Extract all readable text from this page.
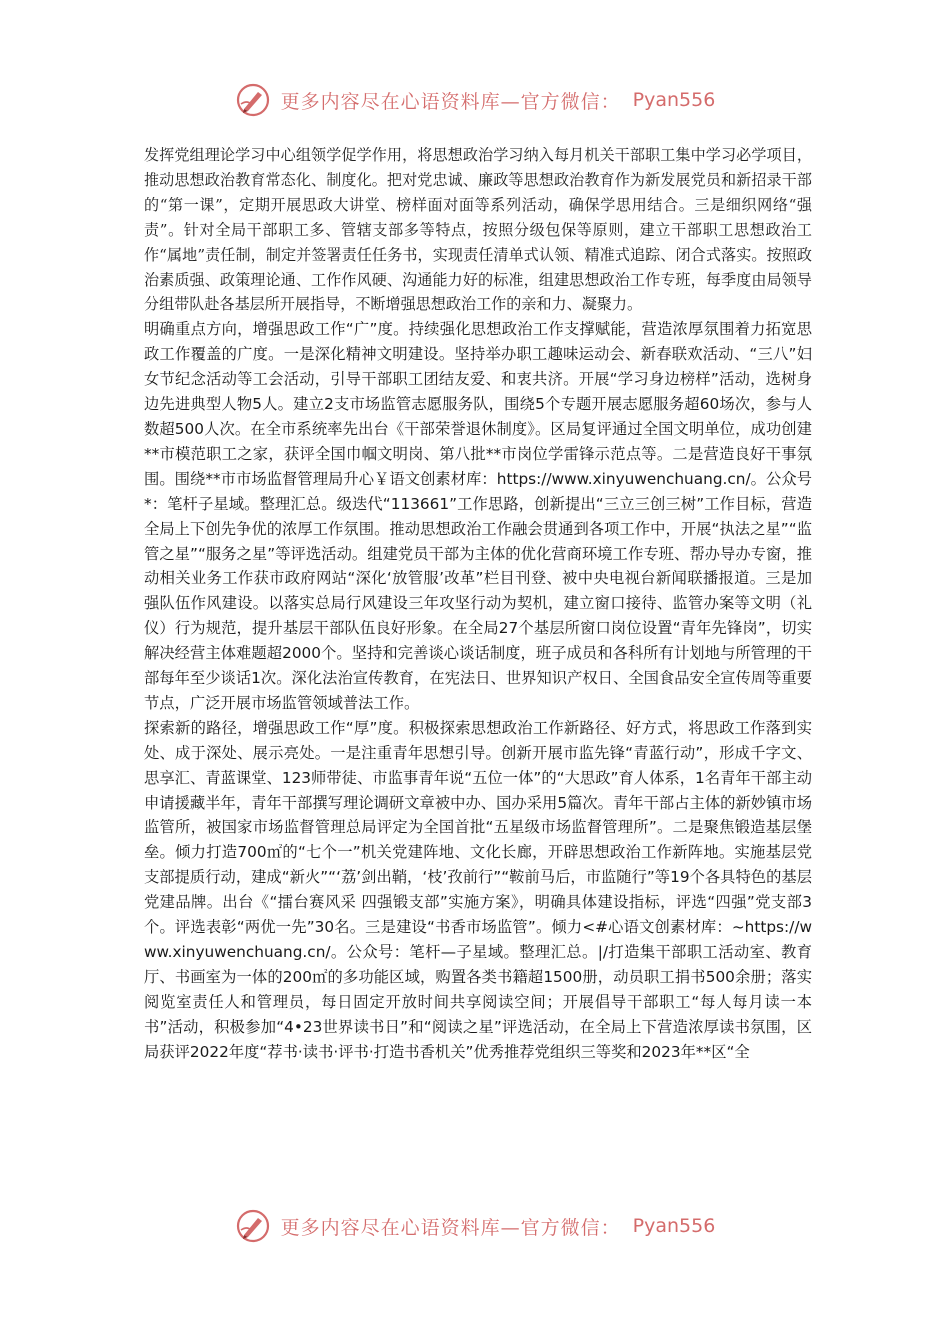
更多内容尽在心语资料库—官方微信： Pyan556

发挥党组理论学习中心组领学促学作用，将思想政治学习纳入每月机关干部职工集中学习必学项目，推动思想政治教育常态化、制度化。把对党忠诚、廉政等思想政治教育作为新发展党员和新招录干部的“第一课”，定期开展思政大讲堂、榜样面对面等系列活动，确保学思用结合。三是细织网络“强责”。针对全局干部职工多、管辖支部多等特点，按照分级包保等原则，建立干部职工思想政治工作“属地”责任制，制定并签署责任任务书，实现责任清单式认领、精准式追踪、闭合式落实。按照政治素质强、政策理论通、工作作风硬、沟通能力好的标准，组建思想政治工作专班，每季度由局领导分组带队赴各基层所开展指导，不断增强思想政治工作的亲和力、凝聚力。

明确重点方向，增强思政工作“广”度。持续强化思想政治工作支撑赋能，营造浓厚氛围着力拓宽思政工作覆盖的广度。一是深化精神文明建设。坚持举办职工趣味运动会、新春联欢活动、“三八”妇女节纪念活动等工会活动，引导干部职工团结友爱、和衷共济。开展“学习身边榜样”活动，选树身边先进典型人物5人。建立2支市场监管志愿服务队，围绕5个专题开展志愿服务超60场次，参与人数超500人次。在全市系统率先出台《干部荣誉退休制度》。区局复评通过全国文明单位，成功创建**市模范职工之家，获评全国巾帼文明岗、第八批**市岗位学雷锋示范点等。二是营造良好干事氛围。围绕**市市场监督管理局升心￥语文创素材库：https://www.xinyuwenchuang.cn/。公众号*：笔杆子星域。整理汇总。级迭代“113661”工作思路，创新提出“三立三创三树”工作目标，营造全局上下创先争优的浓厚工作氛围。推动思想政治工作融会贯通到各项工作中，开展“执法之星”“监管之星”“服务之星”等评选活动。组建党员干部为主体的优化营商环境工作专班、帮办导办专窗，推动相关业务工作获市政府网站“深化‘放管服’改革”栏目刊登、被中央电视台新闻联播报道。三是加强队伍作风建设。以落实总局行风建设三年攻坚行动为契机，建立窗口接待、监管办案等文明（礼仪）行为规范，提升基层干部队伍良好形象。在全局27个基层所窗口岗位设置“青年先锋岗”，切实解决经营主体难题超2000个。坚持和完善谈心谈话制度，班子成员和各科所有计划地与所管理的干部每年至少谈话1次。深化法治宣传教育，在宪法日、世界知识产权日、全国食品安全宣传周等重要节点，广泛开展市场监管领域普法工作。

探索新的路径，增强思政工作“厚”度。积极探索思想政治工作新路径、好方式，将思政工作落到实处、成于深处、展示亮处。一是注重青年思想引导。创新开展市监先锋“青蓝行动”，形成千字文、思享汇、青蓝课堂、123师带徒、市监事青年说“五位一体”的“大思政”育人体系，1名青年干部主动申请援藏半年，青年干部撰写理论调研文章被中办、国办采用5篇次。青年干部占主体的新妙镇市场监管所，被国家市场监督管理总局评定为全国首批“五星级市场监督管理所”。二是聚焦锻造基层堡垒。倾力打造700㎡的“七个一”机关党建阵地、文化长廊，开辟思想政治工作新阵地。实施基层党支部提质行动，建成“新火”“‘荔’剑出鞘，‘枝’孜前行”“鞍前马后，市监随行”等19个各具特色的基层党建品牌。出台《“擂台赛风采 四强锻支部”实施方案》，明确具体建设指标，评选“四强”党支部3个。评选表彰“两优一先”30名。三是建设“书香市场监管”。倾力<#心语文创素材库：~https://www.xinyuwenchuang.cn/。公众号：笔杆—子星域。整理汇总。|/打造集干部职工活动室、教育厅、书画室为一体的200㎡的多功能区域，购置各类书籍超1500册，动员职工捐书500余册；落实阅览室责任人和管理员，每日固定开放时间共享阅读空间；开展倡导干部职工“每人每月读一本书”活动，积极参加“4•23世界读书日”和“阅读之星”评选活动，在全局上下营造浓厚读书氛围，区局获评2022年度“荐书·读书·评书·打造书香机关”优秀推荐党组织三等奖和2023年**区“全

更多内容尽在心语资料库—官方微信： Pyan556
